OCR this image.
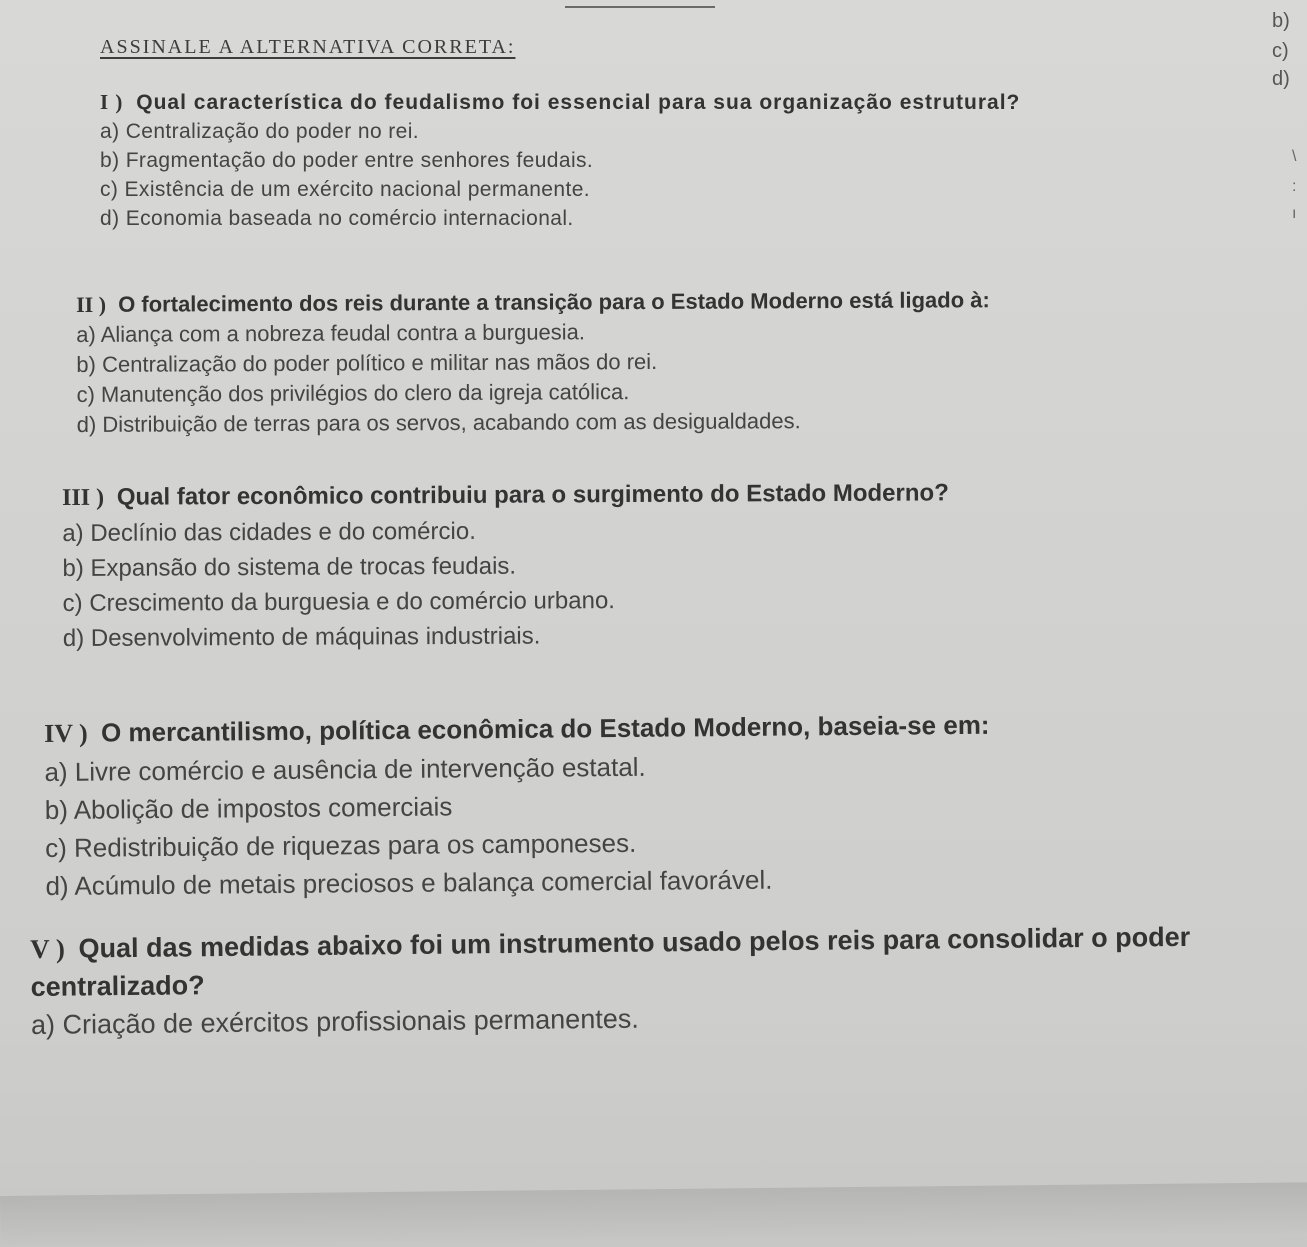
b)
c)
d)
\
:
ı
ASSINALE A ALTERNATIVA CORRETA:

I ) Qual característica do feudalismo foi essencial para sua organização estrutural?

a) Centralização do poder no rei.

b) Fragmentação do poder entre senhores feudais.

c) Existência de um exército nacional permanente.

d) Economia baseada no comércio internacional.

II ) O fortalecimento dos reis durante a transição para o Estado Moderno está ligado à:

a) Aliança com a nobreza feudal contra a burguesia.

b) Centralização do poder político e militar nas mãos do rei.

c) Manutenção dos privilégios do clero da igreja católica.

d) Distribuição de terras para os servos, acabando com as desigualdades.

III ) Qual fator econômico contribuiu para o surgimento do Estado Moderno?

a) Declínio das cidades e do comércio.

b) Expansão do sistema de trocas feudais.

c) Crescimento da burguesia e do comércio urbano.

d) Desenvolvimento de máquinas industriais.

IV ) O mercantilismo, política econômica do Estado Moderno, baseia-se em:

a) Livre comércio e ausência de intervenção estatal.

b) Abolição de impostos comerciais

c) Redistribuição de riquezas para os camponeses.

d) Acúmulo de metais preciosos e balança comercial favorável.

V ) Qual das medidas abaixo foi um instrumento usado pelos reis para consolidar o poder centralizado?

a) Criação de exércitos profissionais permanentes.
